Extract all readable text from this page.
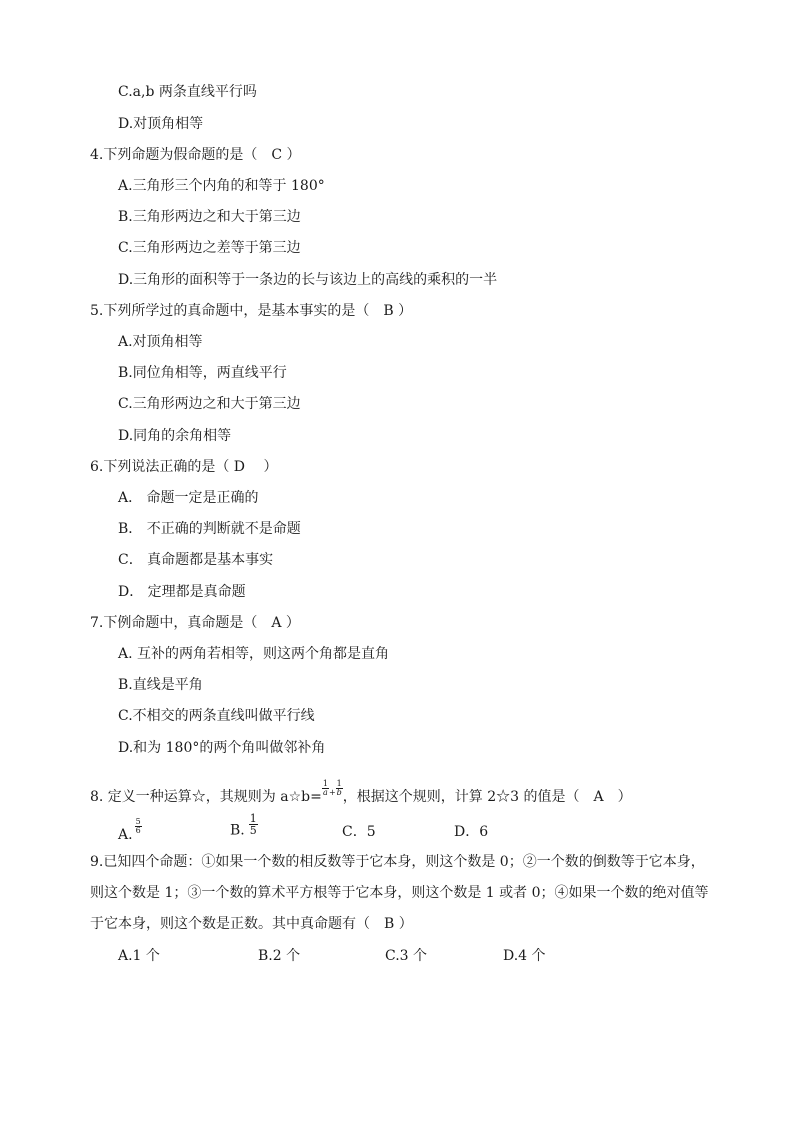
C.a,b 两条直线平行吗
D.对顶角相等
4.下列命题为假命题的是（　C ）
A.三角形三个内角的和等于 180°
B.三角形两边之和大于第三边
C.三角形两边之差等于第三边
D.三角形的面积等于一条边的长与该边上的高线的乘积的一半
5.下列所学过的真命题中，是基本事实的是（　B ）
A.对顶角相等
B.同位角相等，两直线平行
C.三角形两边之和大于第三边
D.同角的余角相等
6.下列说法正确的是（ D　 ）
A． 命题一定是正确的
B． 不正确的判断就不是命题
C． 真命题都是基本事实
D． 定理都是真命题
7.下例命题中，真命题是（　A ）
A. 互补的两角若相等，则这两个角都是直角
B.直线是平角
C.不相交的两条直线叫做平行线
D.和为 180°的两个角叫做邻补角
8. 定义一种运算☆，其规则为 a☆b= $\frac{1}{a} + \frac{1}{b}$ ，根据这个规则，计算 2☆3 的值是（　A　）
A. $\frac{5}{6}$	B. $\frac{1}{5}$	C．5	D．6
9.已知四个命题：①如果一个数的相反数等于它本身，则这个数是 0；②一个数的倒数等于它本身，
则这个数是 1；③一个数的算术平方根等于它本身，则这个数是 1 或者 0；④如果一个数的绝对值等
于它本身，则这个数是正数。其中真命题有（　B ）
A.1 个	B.2 个	C.3 个	D.4 个
